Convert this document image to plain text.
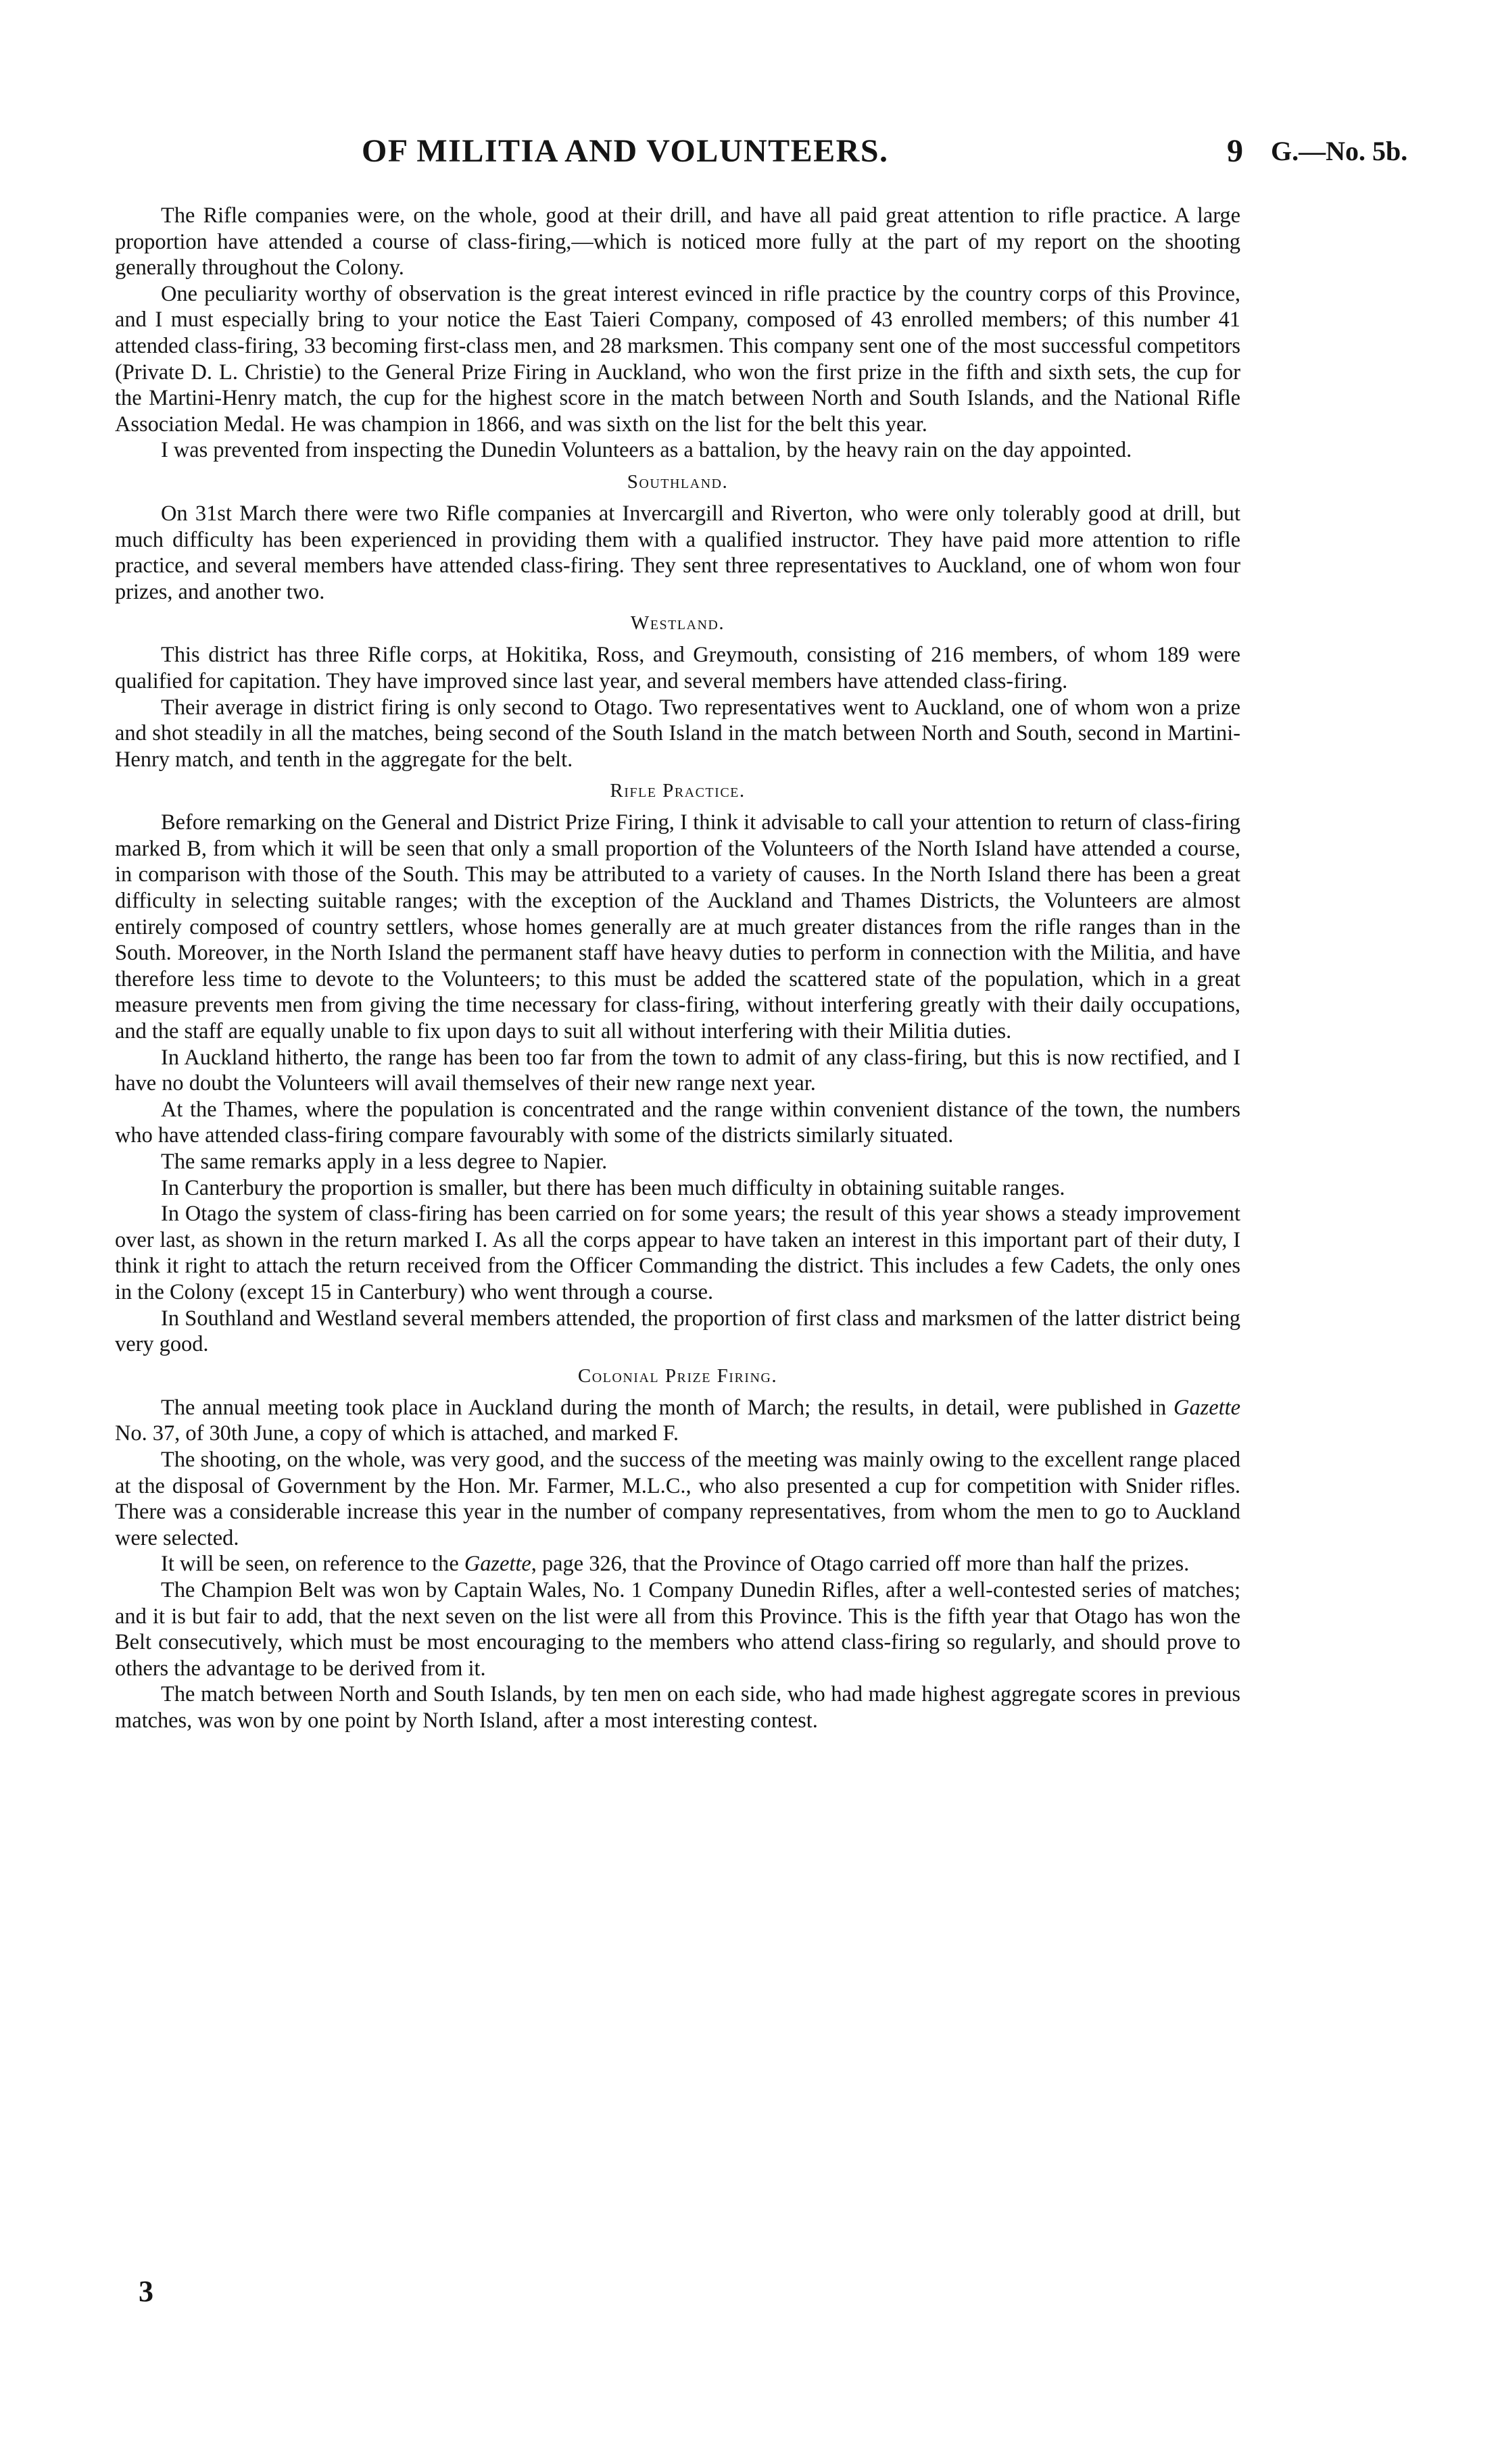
OF MILITIA AND VOLUNTEERS.	9 G.—No. 5b.

The Rifle companies were, on the whole, good at their drill, and have all paid great attention to rifle practice. A large proportion have attended a course of class-firing,—which is noticed more fully at the part of my report on the shooting generally throughout the Colony.

One peculiarity worthy of observation is the great interest evinced in rifle practice by the country corps of this Province, and I must especially bring to your notice the East Taieri Company, composed of 43 enrolled members; of this number 41 attended class-firing, 33 becoming first-class men, and 28 marksmen. This company sent one of the most successful competitors (Private D. L. Christie) to the General Prize Firing in Auckland, who won the first prize in the fifth and sixth sets, the cup for the Martini-Henry match, the cup for the highest score in the match between North and South Islands, and the National Rifle Association Medal. He was champion in 1866, and was sixth on the list for the belt this year.

I was prevented from inspecting the Dunedin Volunteers as a battalion, by the heavy rain on the day appointed.

Southland.

On 31st March there were two Rifle companies at Invercargill and Riverton, who were only tolerably good at drill, but much difficulty has been experienced in providing them with a qualified instructor. They have paid more attention to rifle practice, and several members have attended class-firing. They sent three representatives to Auckland, one of whom won four prizes, and another two.

Westland.

This district has three Rifle corps, at Hokitika, Ross, and Greymouth, consisting of 216 members, of whom 189 were qualified for capitation. They have improved since last year, and several members have attended class-firing.

Their average in district firing is only second to Otago. Two representatives went to Auckland, one of whom won a prize and shot steadily in all the matches, being second of the South Island in the match between North and South, second in Martini-Henry match, and tenth in the aggregate for the belt.

Rifle Practice.

Before remarking on the General and District Prize Firing, I think it advisable to call your attention to return of class-firing marked B, from which it will be seen that only a small proportion of the Volunteers of the North Island have attended a course, in comparison with those of the South. This may be attributed to a variety of causes. In the North Island there has been a great difficulty in selecting suitable ranges; with the exception of the Auckland and Thames Districts, the Volunteers are almost entirely composed of country settlers, whose homes generally are at much greater distances from the rifle ranges than in the South. Moreover, in the North Island the permanent staff have heavy duties to perform in connection with the Militia, and have therefore less time to devote to the Volunteers; to this must be added the scattered state of the population, which in a great measure prevents men from giving the time necessary for class-firing, without interfering greatly with their daily occupations, and the staff are equally unable to fix upon days to suit all without interfering with their Militia duties.

In Auckland hitherto, the range has been too far from the town to admit of any class-firing, but this is now rectified, and I have no doubt the Volunteers will avail themselves of their new range next year.

At the Thames, where the population is concentrated and the range within convenient distance of the town, the numbers who have attended class-firing compare favourably with some of the districts similarly situated.

The same remarks apply in a less degree to Napier.

In Canterbury the proportion is smaller, but there has been much difficulty in obtaining suitable ranges.

In Otago the system of class-firing has been carried on for some years; the result of this year shows a steady improvement over last, as shown in the return marked I. As all the corps appear to have taken an interest in this important part of their duty, I think it right to attach the return received from the Officer Commanding the district. This includes a few Cadets, the only ones in the Colony (except 15 in Canterbury) who went through a course.

In Southland and Westland several members attended, the proportion of first class and marksmen of the latter district being very good.

Colonial Prize Firing.

The annual meeting took place in Auckland during the month of March; the results, in detail, were published in Gazette No. 37, of 30th June, a copy of which is attached, and marked F.

The shooting, on the whole, was very good, and the success of the meeting was mainly owing to the excellent range placed at the disposal of Government by the Hon. Mr. Farmer, M.L.C., who also presented a cup for competition with Snider rifles. There was a considerable increase this year in the number of company representatives, from whom the men to go to Auckland were selected.

It will be seen, on reference to the Gazette, page 326, that the Province of Otago carried off more than half the prizes.

The Champion Belt was won by Captain Wales, No. 1 Company Dunedin Rifles, after a well-contested series of matches; and it is but fair to add, that the next seven on the list were all from this Province. This is the fifth year that Otago has won the Belt consecutively, which must be most encouraging to the members who attend class-firing so regularly, and should prove to others the advantage to be derived from it.

The match between North and South Islands, by ten men on each side, who had made highest aggregate scores in previous matches, was won by one point by North Island, after a most interesting contest.

3
